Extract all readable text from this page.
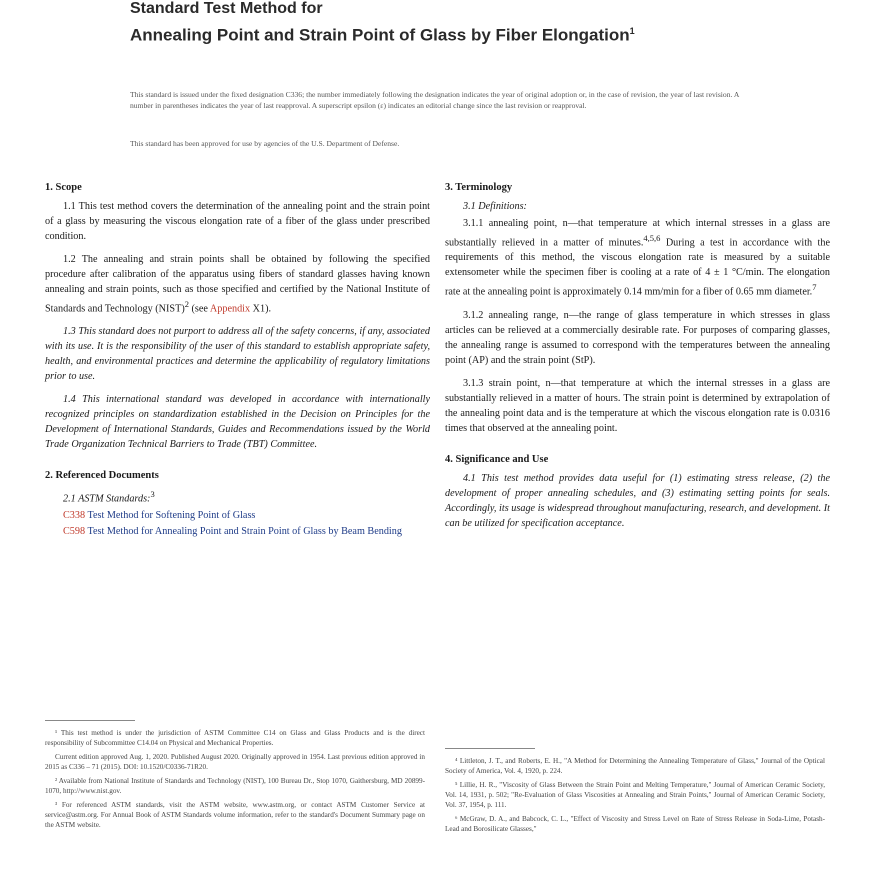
Standard Test Method for
Annealing Point and Strain Point of Glass by Fiber Elongation$^1$
This standard is issued under the fixed designation C336; the number immediately following the designation indicates the year of original adoption or, in the case of revision, the year of last revision. A number in parentheses indicates the year of last reapproval. A superscript epsilon (ε) indicates an editorial change since the last revision or reapproval.
This standard has been approved for use by agencies of the U.S. Department of Defense.
1. Scope

1.1 This test method covers the determination of the annealing point and the strain point of a glass by measuring the viscous elongation rate of a fiber of the glass under prescribed condition.

1.2 The annealing and strain points shall be obtained by following the specified procedure after calibration of the apparatus using fibers of standard glasses having known annealing and strain points, such as those specified and certified by the National Institute of Standards and Technology (NIST)$^2$ (see Appendix X1).

1.3 This standard does not purport to address all of the safety concerns, if any, associated with its use. It is the responsibility of the user of this standard to establish appropriate safety, health, and environmental practices and determine the applicability of regulatory limitations prior to use.

1.4 This international standard was developed in accordance with internationally recognized principles on standardization established in the Decision on Principles for the Development of International Standards, Guides and Recommendations issued by the World Trade Organization Technical Barriers to Trade (TBT) Committee.

2. Referenced Documents

2.1 ASTM Standards:$^3$

C338 Test Method for Softening Point of Glass

C598 Test Method for Annealing Point and Strain Point of Glass by Beam Bending

3. Terminology

3.1 Definitions:

3.1.1 annealing point, n—that temperature at which internal stresses in a glass are substantially relieved in a matter of minutes.$^{4,5,6}$ During a test in accordance with the requirements of this method, the viscous elongation rate is measured by a suitable extensometer while the specimen fiber is cooling at a rate of 4 ± 1 °C/min. The elongation rate at the annealing point is approximately 0.14 mm/min for a fiber of 0.65 mm diameter.$^7$

3.1.2 annealing range, n—the range of glass temperature in which stresses in glass articles can be relieved at a commercially desirable rate. For purposes of comparing glasses, the annealing range is assumed to correspond with the temperatures between the annealing point (AP) and the strain point (StP).

3.1.3 strain point, n—that temperature at which the internal stresses in a glass are substantially relieved in a matter of hours. The strain point is determined by extrapolation of the annealing point data and is the temperature at which the viscous elongation rate is 0.0316 times that observed at the annealing point.

4. Significance and Use

4.1 This test method provides data useful for (1) estimating stress release, (2) the development of proper annealing schedules, and (3) estimating setting points for seals. Accordingly, its usage is widespread throughout manufacturing, research, and development. It can be utilized for specification acceptance.

¹ This test method is under the jurisdiction of ASTM Committee C14 on Glass and Glass Products and is the direct responsibility of Subcommittee C14.04 on Physical and Mechanical Properties.

Current edition approved Aug. 1, 2020. Published August 2020. Originally approved in 1954. Last previous edition approved in 2015 as C336 – 71 (2015). DOI: 10.1520/C0336-71R20.

² Available from National Institute of Standards and Technology (NIST), 100 Bureau Dr., Stop 1070, Gaithersburg, MD 20899-1070, http://www.nist.gov.

³ For referenced ASTM standards, visit the ASTM website, www.astm.org, or contact ASTM Customer Service at service@astm.org. For Annual Book of ASTM Standards volume information, refer to the standard's Document Summary page on the ASTM website.

⁴ Littleton, J. T., and Roberts, E. H., "A Method for Determining the Annealing Temperature of Glass," Journal of the Optical Society of America, Vol. 4, 1920, p. 224.

⁵ Lillie, H. R., "Viscosity of Glass Between the Strain Point and Melting Temperature," Journal of American Ceramic Society, Vol. 14, 1931, p. 502; "Re-Evaluation of Glass Viscosities at Annealing and Strain Points," Journal of American Ceramic Society, Vol. 37, 1954, p. 111.

⁶ McGraw, D. A., and Babcock, C. L., "Effect of Viscosity and Stress Level on Rate of Stress Release in Soda-Lime, Potash-Lead and Borosilicate Glasses,"
